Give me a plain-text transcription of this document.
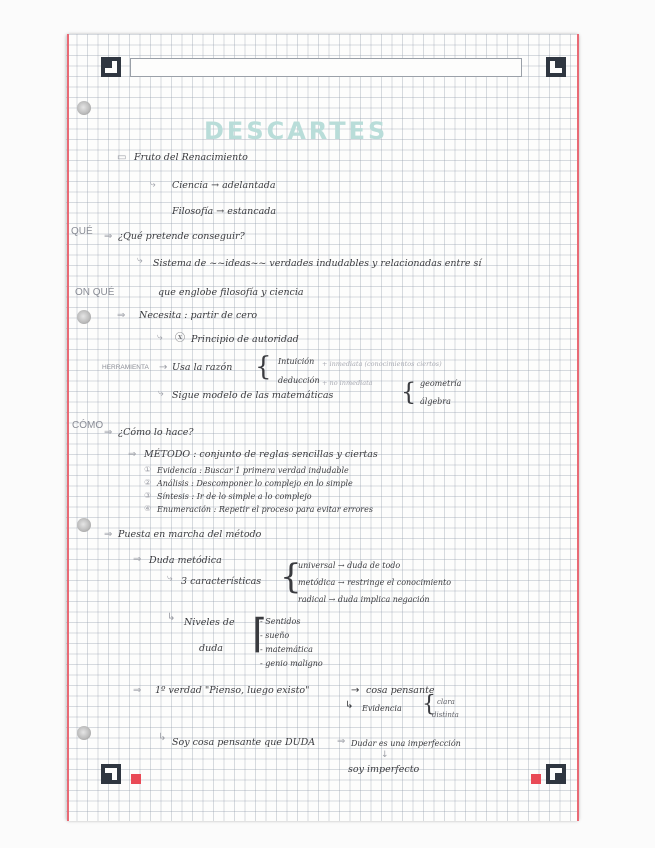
DESCARTES
QUÉ
ON QUÉ
HERRAMIENTA
CÓMO
▭ Fruto del Renacimiento
⤷ Ciencia → adelantada
Filosofía → estancada
⇒ ¿Qué pretende conseguir?
⤷ Sistema de ~~ideas~~ verdades indudables y relacionadas entre sí
que englobe filosofía y ciencia
⇒ Necesita : partir de cero
⤷ ⓧ Principio de autoridad
→ Usa la razón { Intuición + inmediata (conocimientos ciertos)
deducción + no inmediata
⤷ Sigue modelo de las matemáticas	{ geometría
álgebra
⇒ ¿Cómo lo hace?
⇒ MÉTODO : conjunto de reglas sencillas y ciertas
① Evidencia : Buscar 1 primera verdad indudable
② Análisis : Descomponer lo complejo en lo simple
③ Síntesis : Ir de lo simple a lo complejo
④ Enumeración : Repetir el proceso para evitar errores
⇒ Puesta en marcha del método
⇒ Duda metódica
⤷ 3 características {
universal → duda de todo
metódica → restringe el conocimiento
radical → duda implica negación
↳ Niveles de
duda ⌈
- Sentidos
- sueño
- matemática
- genio maligno
⇒ 1º verdad "Pienso, luego existo"	→ cosa pensante
↳ Evidencia { clara
distinta
↳ Soy cosa pensante que DUDA ⇒ Dudar es una imperfección
↓
soy imperfecto
